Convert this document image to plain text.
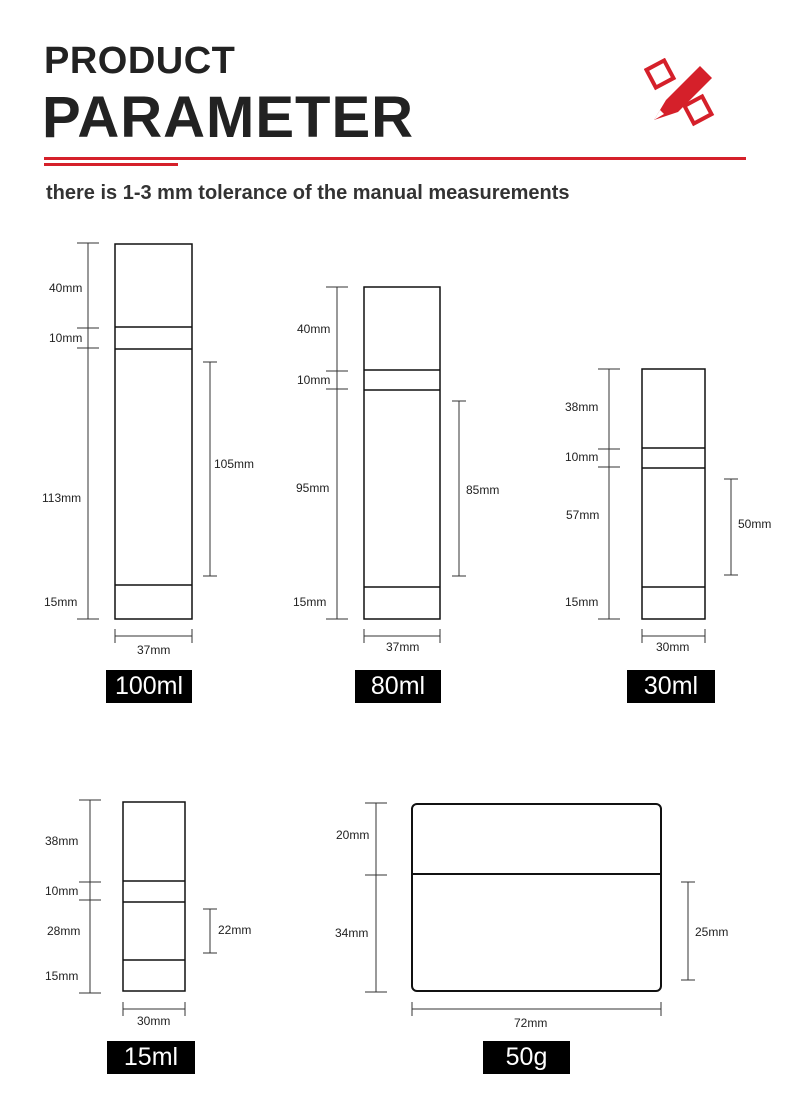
PRODUCT
PARAMETER
there is 1-3 mm tolerance of the manual measurements
40mm
10mm
113mm
15mm
105mm
37mm
40mm
10mm
95mm
15mm
85mm
37mm
38mm
10mm
57mm
15mm
50mm
30mm
38mm
10mm
28mm
15mm
22mm
30mm
20mm
34mm	25mm
72mm
100ml	80ml	30ml
15ml	50g
